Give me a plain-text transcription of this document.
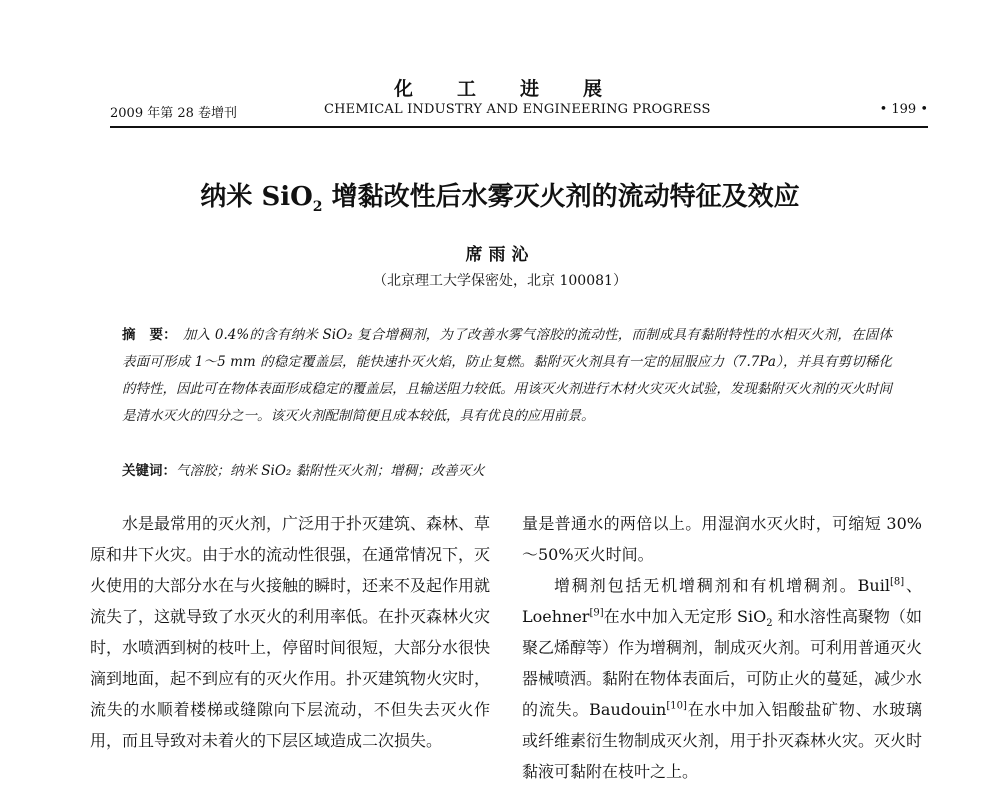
化工进展
2009 年第 28 卷增刊	CHEMICAL INDUSTRY AND ENGINEERING PROGRESS	• 199 •
纳米 SiO$_2$ 增黏改性后水雾灭火剂的流动特征及效应
席雨沁
（北京理工大学保密处，北京 100081）
摘　要： 加入 0.4%的含有纳米 SiO₂ 复合增稠剂，为了改善水雾气溶胶的流动性，而制成具有黏附特性的水相灭火剂，在固体表面可形成 1～5 mm 的稳定覆盖层，能快速扑灭火焰，防止复燃。黏附灭火剂具有一定的屈服应力（7.7Pa），并具有剪切稀化的特性，因此可在物体表面形成稳定的覆盖层，且输送阻力较低。用该灭火剂进行木材火灾灭火试验，发现黏附灭火剂的灭火时间是清水灭火的四分之一。该灭火剂配制简便且成本较低，具有优良的应用前景。
关键词：气溶胶；纳米 SiO₂ 黏附性灭火剂；增稠；改善灭火

水是最常用的灭火剂，广泛用于扑灭建筑、森林、草原和井下火灾。由于水的流动性很强，在通常情况下，灭火使用的大部分水在与火接触的瞬时，还来不及起作用就流失了，这就导致了水灭火的利用率低。在扑灭森林火灾时，水喷洒到树的枝叶上，停留时间很短，大部分水很快滴到地面，起不到应有的灭火作用。扑灭建筑物火灾时，流失的水顺着楼梯或缝隙向下层流动，不但失去灭火作用，而且导致对未着火的下层区域造成二次损失。

量是普通水的两倍以上。用湿润水灭火时，可缩短 30%～50%灭火时间。

增稠剂包括无机增稠剂和有机增稠剂。Buil[8]、Loehner[9]在水中加入无定形 SiO$_2$ 和水溶性高聚物（如聚乙烯醇等）作为增稠剂，制成灭火剂。可利用普通灭火器械喷洒。黏附在物体表面后，可防止火的蔓延，减少水的流失。Baudouin[10]在水中加入铝酸盐矿物、水玻璃或纤维素衍生物制成灭火剂，用于扑灭森林火灾。灭火时黏液可黏附在枝叶之上。
